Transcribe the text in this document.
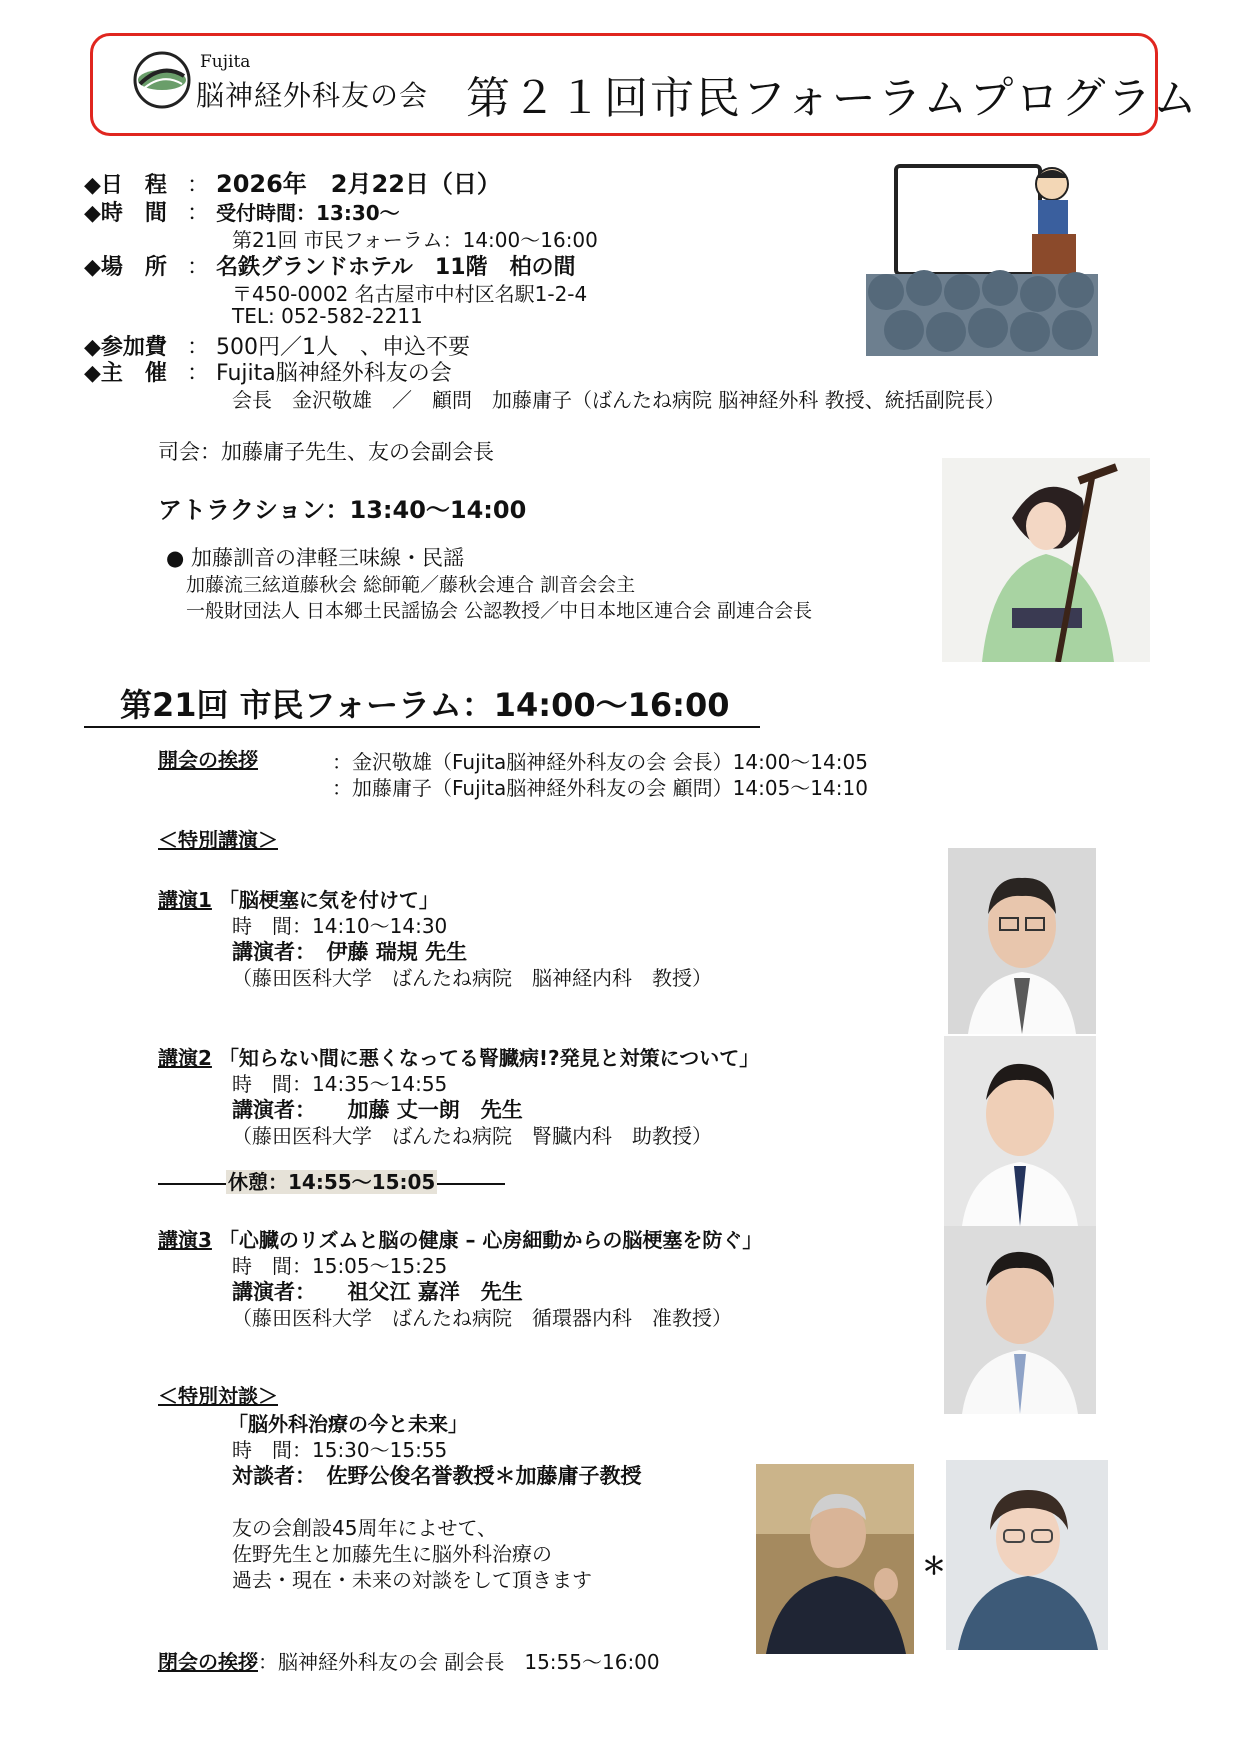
Fujita
脳神経外科友の会 第２１回市民フォーラムプログラム
◆日　程 ： 2026年　2月22日（日）
◆時　間 ： 受付時間：13:30～
第21回 市民フォーラム：14:00～16:00
◆場　所 ： 名鉄グランドホテル　11階　柏の間
〒450-0002 名古屋市中村区名駅1-2-4
TEL: 052-582-2211
◆参加費 ： 500円／1人　、申込不要
◆主　催 ： Fujita脳神経外科友の会
会長　金沢敬雄　／　顧問　加藤庸子（ばんたね病院 脳神経外科 教授、統括副院長）
司会：加藤庸子先生、友の会副会長
アトラクション：13:40～14:00
● 加藤訓音の津軽三味線・民謡
加藤流三絃道藤秋会 総師範／藤秋会連合 訓音会会主
一般財団法人 日本郷土民謡協会 公認教授／中日本地区連合会 副連合会長
第21回 市民フォーラム：14:00～16:00
開会の挨拶	：金沢敬雄（Fujita脳神経外科友の会 会長）14:00～14:05
：加藤庸子（Fujita脳神経外科友の会 顧問）14:05～14:10
＜特別講演＞
講演1 「脳梗塞に気を付けて」
時　間：14:10～14:30
講演者：　伊藤 瑞規 先生
（藤田医科大学　ばんたね病院　脳神経内科　教授）
講演2 「知らない間に悪くなってる腎臓病!?発見と対策について」
時　間：14:35～14:55
講演者：　　加藤 丈一朗　先生
（藤田医科大学　ばんたね病院　腎臓内科　助教授）
休憩：14:55～15:05
講演3 「心臓のリズムと脳の健康 – 心房細動からの脳梗塞を防ぐ」
時　間：15:05～15:25
講演者：　　祖父江 嘉洋　先生
（藤田医科大学　ばんたね病院　循環器内科　准教授）
＜特別対談＞
「脳外科治療の今と未来」
時　間：15:30～15:55
対談者：　佐野公俊名誉教授＊加藤庸子教授
友の会創設45周年によせて、
佐野先生と加藤先生に脳外科治療の
過去・現在・未来の対談をして頂きます	＊
閉会の挨拶：脳神経外科友の会 副会長　15:55～16:00
